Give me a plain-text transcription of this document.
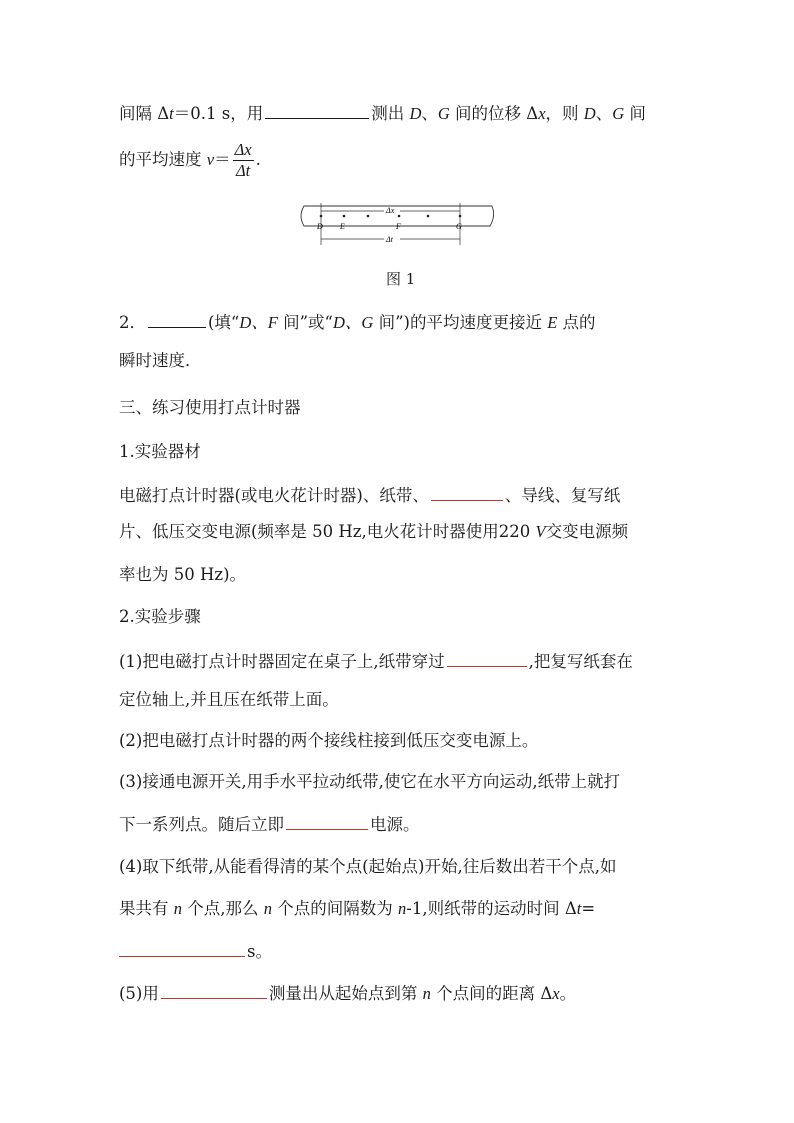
间隔 Δt＝0.1 s，用	测出 D、G 间的位移 Δx，则 D、G 间
的平均速度 $v= \frac{\Delta x}{\Delta t}$ .
Δx
Δt
D E	F	G
图 1
2．	(填“D、F 间”或“D、G 间”)的平均速度更接近 E 点的
瞬时速度．
三、练习使用打点计时器
1.实验器材
电磁打点计时器(或电火花计时器)、纸带、	、导线、复写纸
片、低压交变电源(频率是 50 Hz,电火花计时器使用220 V交变电源频
率也为 50 Hz)。
2.实验步骤
(1)把电磁打点计时器固定在桌子上,纸带穿过	,把复写纸套在
定位轴上,并且压在纸带上面。
(2)把电磁打点计时器的两个接线柱接到低压交变电源上。
(3)接通电源开关,用手水平拉动纸带,使它在水平方向运动,纸带上就打
下一系列点。随后立即	电源。
(4)取下纸带,从能看得清的某个点(起始点)开始,往后数出若干个点,如
果共有 n 个点,那么 n 个点的间隔数为 n-1,则纸带的运动时间 Δt=
s。
(5)用	测量出从起始点到第 n 个点间的距离 Δx。
